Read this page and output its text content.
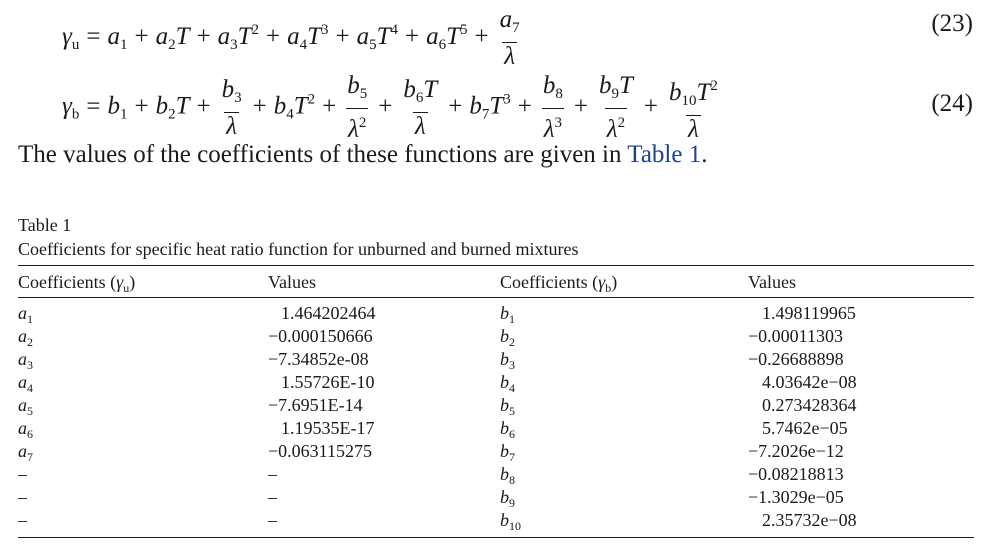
$\gamma_u = a_1 + a_2T + a_3T^2 + a_4T^3 + a_5T^4 + a_6T^5 + \frac{a_7}{\lambda}$	(23)
$\gamma_b = b_1 + b_2T + \frac{b_3}{\lambda} + b_4T^2 + \frac{b_5}{\lambda^2} + \frac{b_6T}{\lambda} + b_7T^3 + \frac{b_8}{\lambda^3} + \frac{b_9T}{\lambda^2} + \frac{b_{10}T^2}{\lambda}$	(24)
The values of the coefficients of these functions are given in Table 1.
Table 1
Coefficients for specific heat ratio function for unburned and burned mixtures
Coefficients $(\gamma_u)$	Values	Coefficients $(\gamma_b)$	Values
$a_1$	1.464202464	$b_1$	1.498119965
$a_2$	−0.000150666	$b_2$	−0.00011303
$a_3$	−7.34852e-08	$b_3$	−0.26688898
$a_4$	1.55726E-10	$b_4$	4.03642e−08
$a_5$	−7.6951E-14	$b_5$	0.273428364
$a_6$	1.19535E-17	$b_6$	5.7462e−05
$a_7$	−0.063115275	$b_7$	−7.2026e−12
–	–	$b_8$	−0.08218813
–	–	$b_9$	−1.3029e−05
–	–	$b_{10}$	2.35732e−08
